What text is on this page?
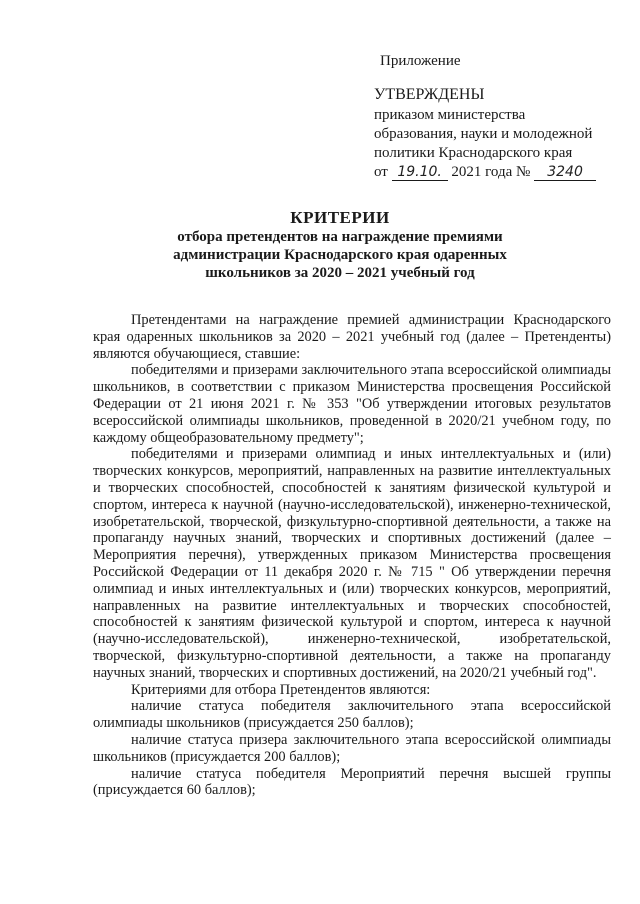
Приложение
УТВЕРЖДЕНЫ
приказом министерства
образования, науки и молодежной
политики Краснодарского края
от 19.10. 2021 года № 3240
КРИТЕРИИ
отбора претендентов на награждение премиями
администрации Краснодарского края одаренных
школьников за 2020 – 2021 учебный год

Претендентами на награждение премией администрации Краснодарского края одаренных школьников за 2020 – 2021 учебный год (далее – Претенденты) являются обучающиеся, ставшие:

победителями и призерами заключительного этапа всероссийской олимпиады школьников, в соответствии с приказом Министерства просвещения Российской Федерации от 21 июня 2021 г. № 353 "Об утверждении итоговых результатов всероссийской олимпиады школьников, проведенной в 2020/21 учебном году, по каждому общеобразовательному предмету";

победителями и призерами олимпиад и иных интеллектуальных и (или) творческих конкурсов, мероприятий, направленных на развитие интеллектуальных и творческих способностей, способностей к занятиям физической культурой и спортом, интереса к научной (научно-исследовательской), инженерно-технической, изобретательской, творческой, физкультурно-спортивной деятельности, а также на пропаганду научных знаний, творческих и спортивных достижений (далее – Мероприятия перечня), утвержденных приказом Министерства просвещения Российской Федерации от 11 декабря 2020 г. № 715 " Об утверждении перечня олимпиад и иных интеллектуальных и (или) творческих конкурсов, мероприятий, направленных на развитие интеллектуальных и творческих способностей, способностей к занятиям физической культурой и спортом, интереса к научной (научно-исследовательской), инженерно-технической, изобретательской, творческой, физкультурно-спортивной деятельности, а также на пропаганду научных знаний, творческих и спортивных достижений, на 2020/21 учебный год".

Критериями для отбора Претендентов являются:

наличие статуса победителя заключительного этапа всероссийской олимпиады школьников (присуждается 250 баллов);

наличие статуса призера заключительного этапа всероссийской олимпиады школьников (присуждается 200 баллов);

наличие статуса победителя Мероприятий перечня высшей группы (присуждается 60 баллов);
